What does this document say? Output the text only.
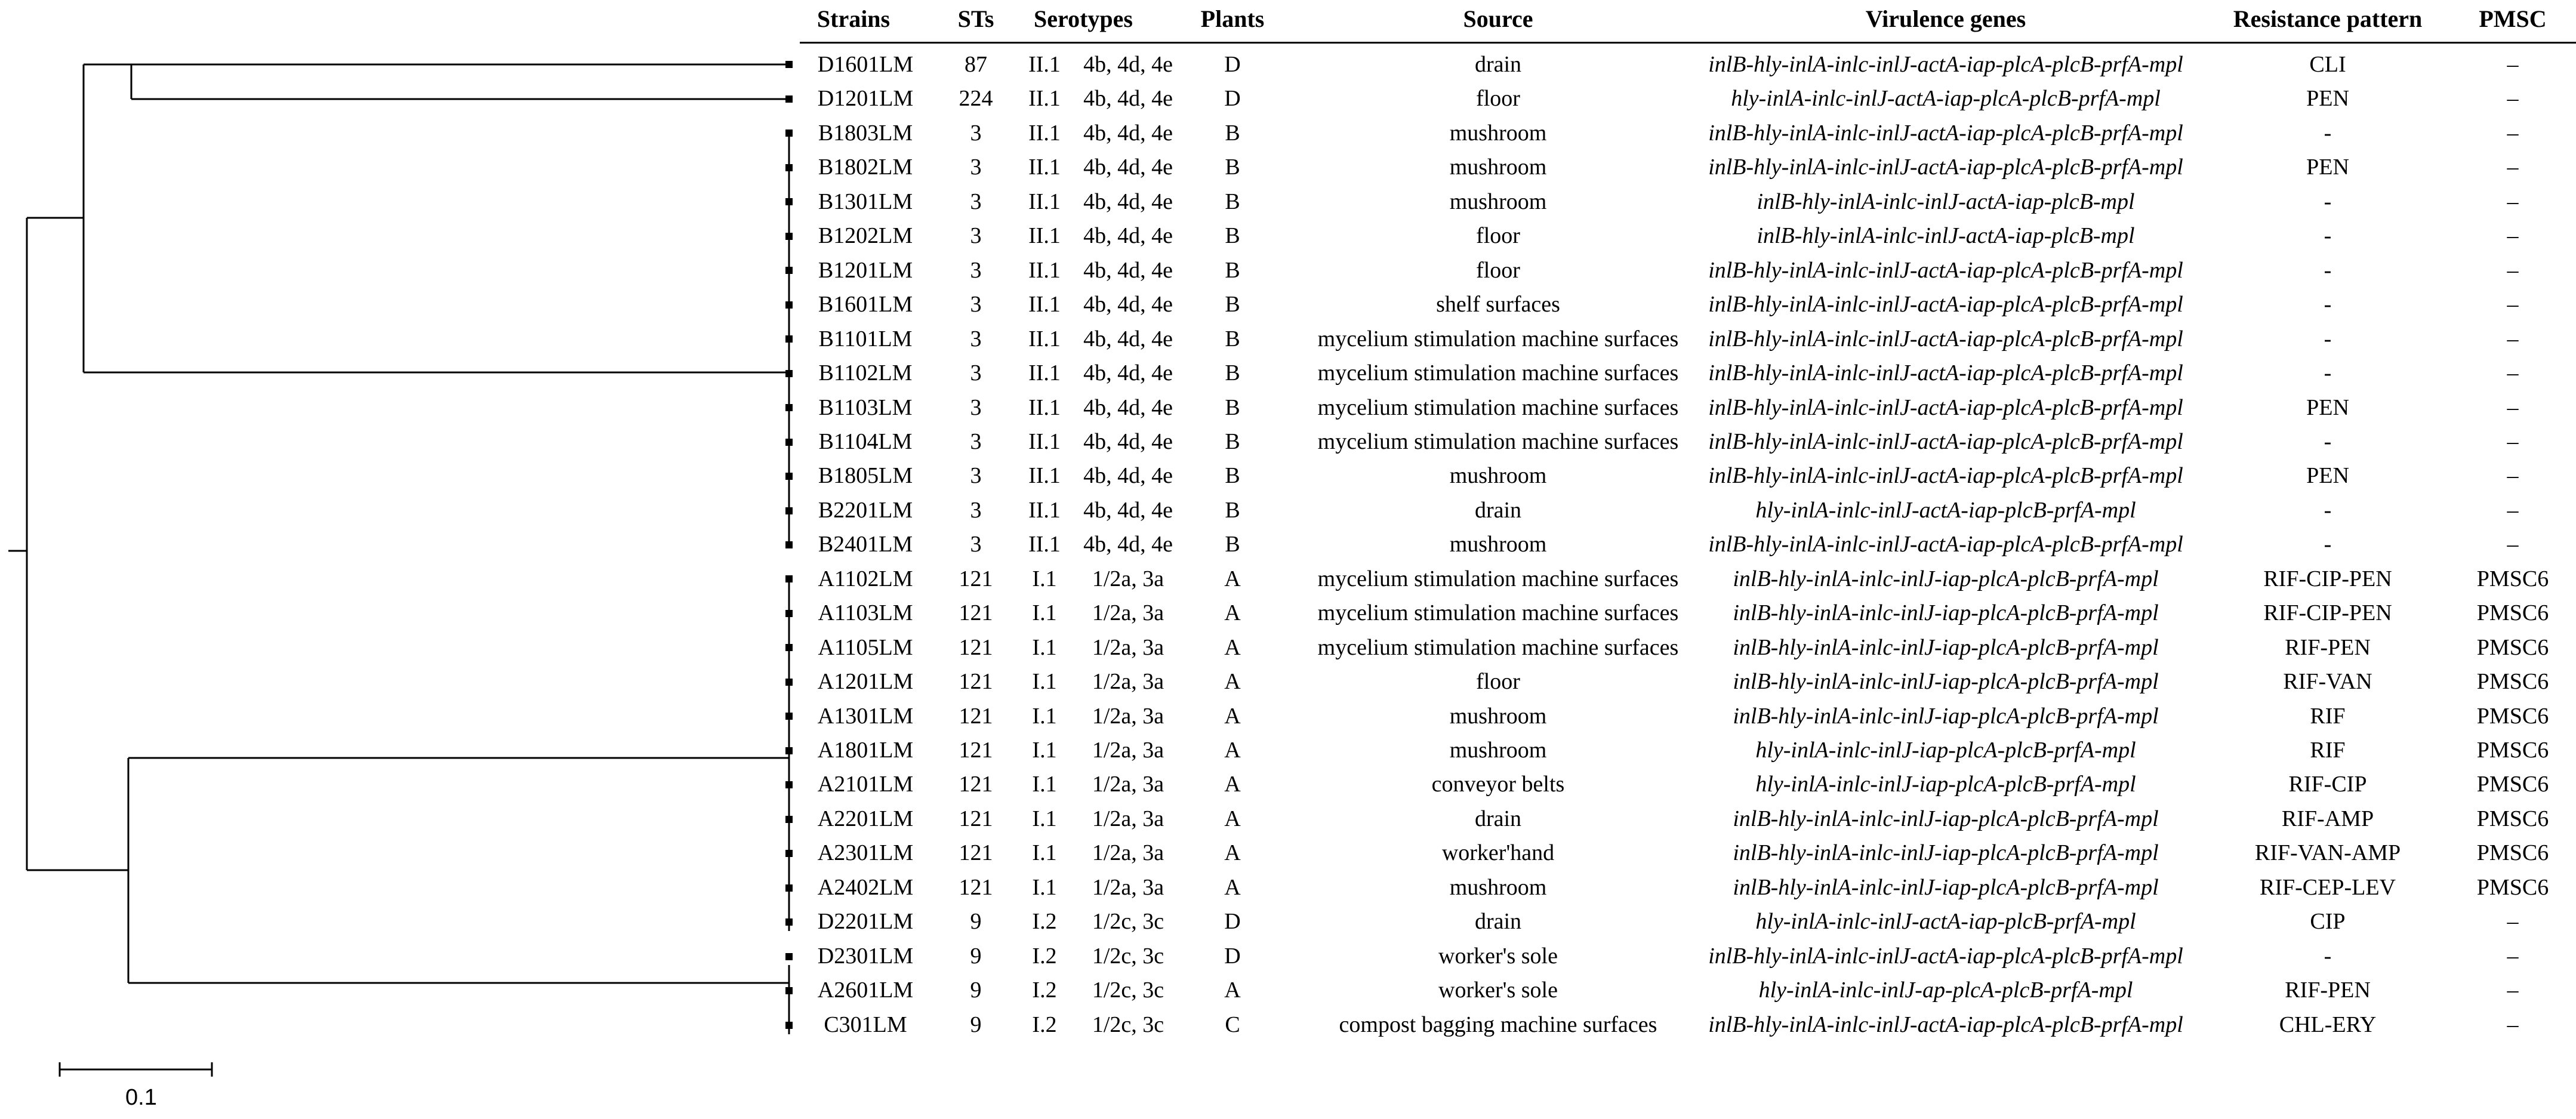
0.1
Strains	STs	Serotypes	Plants	Source	Virulence genes	Resistance pattern	PMSC
D1601LM	87	II.1	4b, 4d, 4e	D	drain	inlB-hly-inlA-inlc-inlJ-actA-iap-plcA-plcB-prfA-mpl	CLI	–
D1201LM	224	II.1	4b, 4d, 4e	D	floor	hly-inlA-inlc-inlJ-actA-iap-plcA-plcB-prfA-mpl	PEN	–
B1803LM	3	II.1	4b, 4d, 4e	B	mushroom	inlB-hly-inlA-inlc-inlJ-actA-iap-plcA-plcB-prfA-mpl	-	–
B1802LM	3	II.1	4b, 4d, 4e	B	mushroom	inlB-hly-inlA-inlc-inlJ-actA-iap-plcA-plcB-prfA-mpl	PEN	–
B1301LM	3	II.1	4b, 4d, 4e	B	mushroom	inlB-hly-inlA-inlc-inlJ-actA-iap-plcB-mpl	-	–
B1202LM	3	II.1	4b, 4d, 4e	B	floor	inlB-hly-inlA-inlc-inlJ-actA-iap-plcB-mpl	-	–
B1201LM	3	II.1	4b, 4d, 4e	B	floor	inlB-hly-inlA-inlc-inlJ-actA-iap-plcA-plcB-prfA-mpl	-	–
B1601LM	3	II.1	4b, 4d, 4e	B	shelf surfaces	inlB-hly-inlA-inlc-inlJ-actA-iap-plcA-plcB-prfA-mpl	-	–
B1101LM	3	II.1	4b, 4d, 4e	B	mycelium stimulation machine surfaces	inlB-hly-inlA-inlc-inlJ-actA-iap-plcA-plcB-prfA-mpl	-	–
B1102LM	3	II.1	4b, 4d, 4e	B	mycelium stimulation machine surfaces	inlB-hly-inlA-inlc-inlJ-actA-iap-plcA-plcB-prfA-mpl	-	–
B1103LM	3	II.1	4b, 4d, 4e	B	mycelium stimulation machine surfaces	inlB-hly-inlA-inlc-inlJ-actA-iap-plcA-plcB-prfA-mpl	PEN	–
B1104LM	3	II.1	4b, 4d, 4e	B	mycelium stimulation machine surfaces	inlB-hly-inlA-inlc-inlJ-actA-iap-plcA-plcB-prfA-mpl	-	–
B1805LM	3	II.1	4b, 4d, 4e	B	mushroom	inlB-hly-inlA-inlc-inlJ-actA-iap-plcA-plcB-prfA-mpl	PEN	–
B2201LM	3	II.1	4b, 4d, 4e	B	drain	hly-inlA-inlc-inlJ-actA-iap-plcB-prfA-mpl	-	–
B2401LM	3	II.1	4b, 4d, 4e	B	mushroom	inlB-hly-inlA-inlc-inlJ-actA-iap-plcA-plcB-prfA-mpl	-	–
A1102LM	121	I.1	1/2a, 3a	A	mycelium stimulation machine surfaces	inlB-hly-inlA-inlc-inlJ-iap-plcA-plcB-prfA-mpl	RIF-CIP-PEN	PMSC6
A1103LM	121	I.1	1/2a, 3a	A	mycelium stimulation machine surfaces	inlB-hly-inlA-inlc-inlJ-iap-plcA-plcB-prfA-mpl	RIF-CIP-PEN	PMSC6
A1105LM	121	I.1	1/2a, 3a	A	mycelium stimulation machine surfaces	inlB-hly-inlA-inlc-inlJ-iap-plcA-plcB-prfA-mpl	RIF-PEN	PMSC6
A1201LM	121	I.1	1/2a, 3a	A	floor	inlB-hly-inlA-inlc-inlJ-iap-plcA-plcB-prfA-mpl	RIF-VAN	PMSC6
A1301LM	121	I.1	1/2a, 3a	A	mushroom	inlB-hly-inlA-inlc-inlJ-iap-plcA-plcB-prfA-mpl	RIF	PMSC6
A1801LM	121	I.1	1/2a, 3a	A	mushroom	hly-inlA-inlc-inlJ-iap-plcA-plcB-prfA-mpl	RIF	PMSC6
A2101LM	121	I.1	1/2a, 3a	A	conveyor belts	hly-inlA-inlc-inlJ-iap-plcA-plcB-prfA-mpl	RIF-CIP	PMSC6
A2201LM	121	I.1	1/2a, 3a	A	drain	inlB-hly-inlA-inlc-inlJ-iap-plcA-plcB-prfA-mpl	RIF-AMP	PMSC6
A2301LM	121	I.1	1/2a, 3a	A	worker'hand	inlB-hly-inlA-inlc-inlJ-iap-plcA-plcB-prfA-mpl	RIF-VAN-AMP	PMSC6
A2402LM	121	I.1	1/2a, 3a	A	mushroom	inlB-hly-inlA-inlc-inlJ-iap-plcA-plcB-prfA-mpl	RIF-CEP-LEV	PMSC6
D2201LM	9	I.2	1/2c, 3c	D	drain	hly-inlA-inlc-inlJ-actA-iap-plcB-prfA-mpl	CIP	–
D2301LM	9	I.2	1/2c, 3c	D	worker's sole	inlB-hly-inlA-inlc-inlJ-actA-iap-plcA-plcB-prfA-mpl	-	–
A2601LM	9	I.2	1/2c, 3c	A	worker's sole	hly-inlA-inlc-inlJ-ap-plcA-plcB-prfA-mpl	RIF-PEN	–
C301LM	9	I.2	1/2c, 3c	C	compost bagging machine surfaces	inlB-hly-inlA-inlc-inlJ-actA-iap-plcA-plcB-prfA-mpl	CHL-ERY	–
